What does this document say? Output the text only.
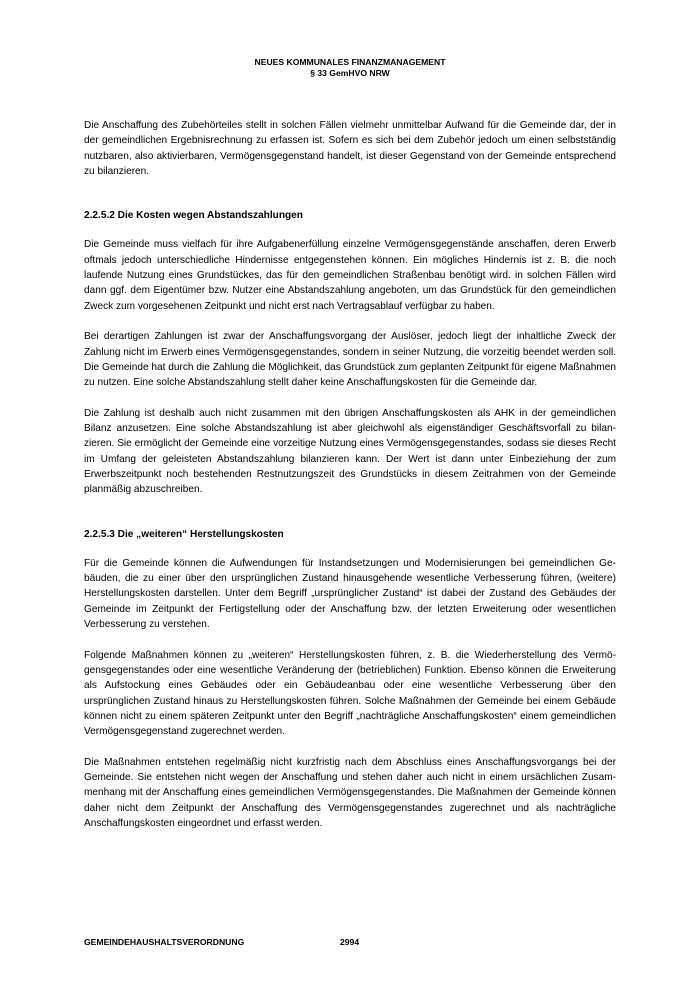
NEUES KOMMUNALES FINANZMANAGEMENT
§ 33 GemHVO NRW

Die Anschaffung des Zubehörteiles stellt in solchen Fällen vielmehr unmittelbar Aufwand für die Gemeinde dar, der in der gemeindlichen Ergebnisrechnung zu erfassen ist. Sofern es sich bei dem Zubehör jedoch um einen selbstständig nutzbaren, also aktivierbaren, Vermögensgegenstand handelt, ist dieser Gegenstand von der Gemeinde entsprechend zu bilanzieren.

2.2.5.2 Die Kosten wegen Abstandszahlungen

Die Gemeinde muss vielfach für ihre Aufgabenerfüllung einzelne Vermögensgegenstände anschaffen, deren Erwerb oftmals jedoch unterschiedliche Hindernisse entgegenstehen können. Ein mögliches Hindernis ist z. B. die noch laufende Nutzung eines Grundstückes, das für den gemeindlichen Straßenbau benötigt wird. in solchen Fällen wird dann ggf. dem Eigentümer bzw. Nutzer eine Abstandszahlung angeboten, um das Grundstück für den gemeindlichen Zweck zum vorgesehenen Zeitpunkt und nicht erst nach Vertragsablauf verfügbar zu haben.

Bei derartigen Zahlungen ist zwar der Anschaffungsvorgang der Auslöser, jedoch liegt der inhaltliche Zweck der Zahlung nicht im Erwerb eines Vermögensgegenstandes, sondern in seiner Nutzung, die vorzeitig beendet werden soll. Die Gemeinde hat durch die Zahlung die Möglichkeit, das Grundstück zum geplanten Zeitpunkt für eigene Maßnahmen zu nutzen. Eine solche Abstandszahlung stellt daher keine Anschaffungskosten für die Gemeinde dar.

Die Zahlung ist deshalb auch nicht zusammen mit den übrigen Anschaffungskosten als AHK in der gemeindlichen Bilanz anzusetzen. Eine solche Abstandszahlung ist aber gleichwohl als eigenständiger Geschäftsvorfall zu bilanzieren. Sie ermöglicht der Gemeinde eine vorzeitige Nutzung eines Vermögensgegenstandes, sodass sie dieses Recht im Umfang der geleisteten Abstandszahlung bilanzieren kann. Der Wert ist dann unter Einbeziehung der zum Erwerbszeitpunkt noch bestehenden Restnutzungszeit des Grundstücks in diesem Zeitrahmen von der Gemeinde planmäßig abzuschreiben.

2.2.5.3 Die „weiteren“ Herstellungskosten

Für die Gemeinde können die Aufwendungen für Instandsetzungen und Modernisierungen bei gemeindlichen Gebäuden, die zu einer über den ursprünglichen Zustand hinausgehende wesentliche Verbesserung führen, (weitere) Herstellungskosten darstellen. Unter dem Begriff „ursprünglicher Zustand“ ist dabei der Zustand des Gebäudes der Gemeinde im Zeitpunkt der Fertigstellung oder der Anschaffung bzw. der letzten Erweiterung oder wesentlichen Verbesserung zu verstehen.

Folgende Maßnahmen können zu „weiteren“ Herstellungskosten führen, z. B. die Wiederherstellung des Vermögensgegenstandes oder eine wesentliche Veränderung der (betrieblichen) Funktion. Ebenso können die Erweiterung als Aufstockung eines Gebäudes oder ein Gebäudeanbau oder eine wesentliche Verbesserung über den ursprünglichen Zustand hinaus zu Herstellungskosten führen. Solche Maßnahmen der Gemeinde bei einem Gebäude können nicht zu einem späteren Zeitpunkt unter den Begriff „nachträgliche Anschaffungskosten“ einem gemeindlichen Vermögensgegenstand zugerechnet werden.

Die Maßnahmen entstehen regelmäßig nicht kurzfristig nach dem Abschluss eines Anschaffungsvorgangs bei der Gemeinde. Sie entstehen nicht wegen der Anschaffung und stehen daher auch nicht in einem ursächlichen Zusammenhang mit der Anschaffung eines gemeindlichen Vermögensgegenstandes. Die Maßnahmen der Gemeinde können daher nicht dem Zeitpunkt der Anschaffung des Vermögensgegenstandes zugerechnet und als nachträgliche Anschaffungskosten eingeordnet und erfasst werden.

GEMEINDEHAUSHALTSVERORDNUNG	2994
